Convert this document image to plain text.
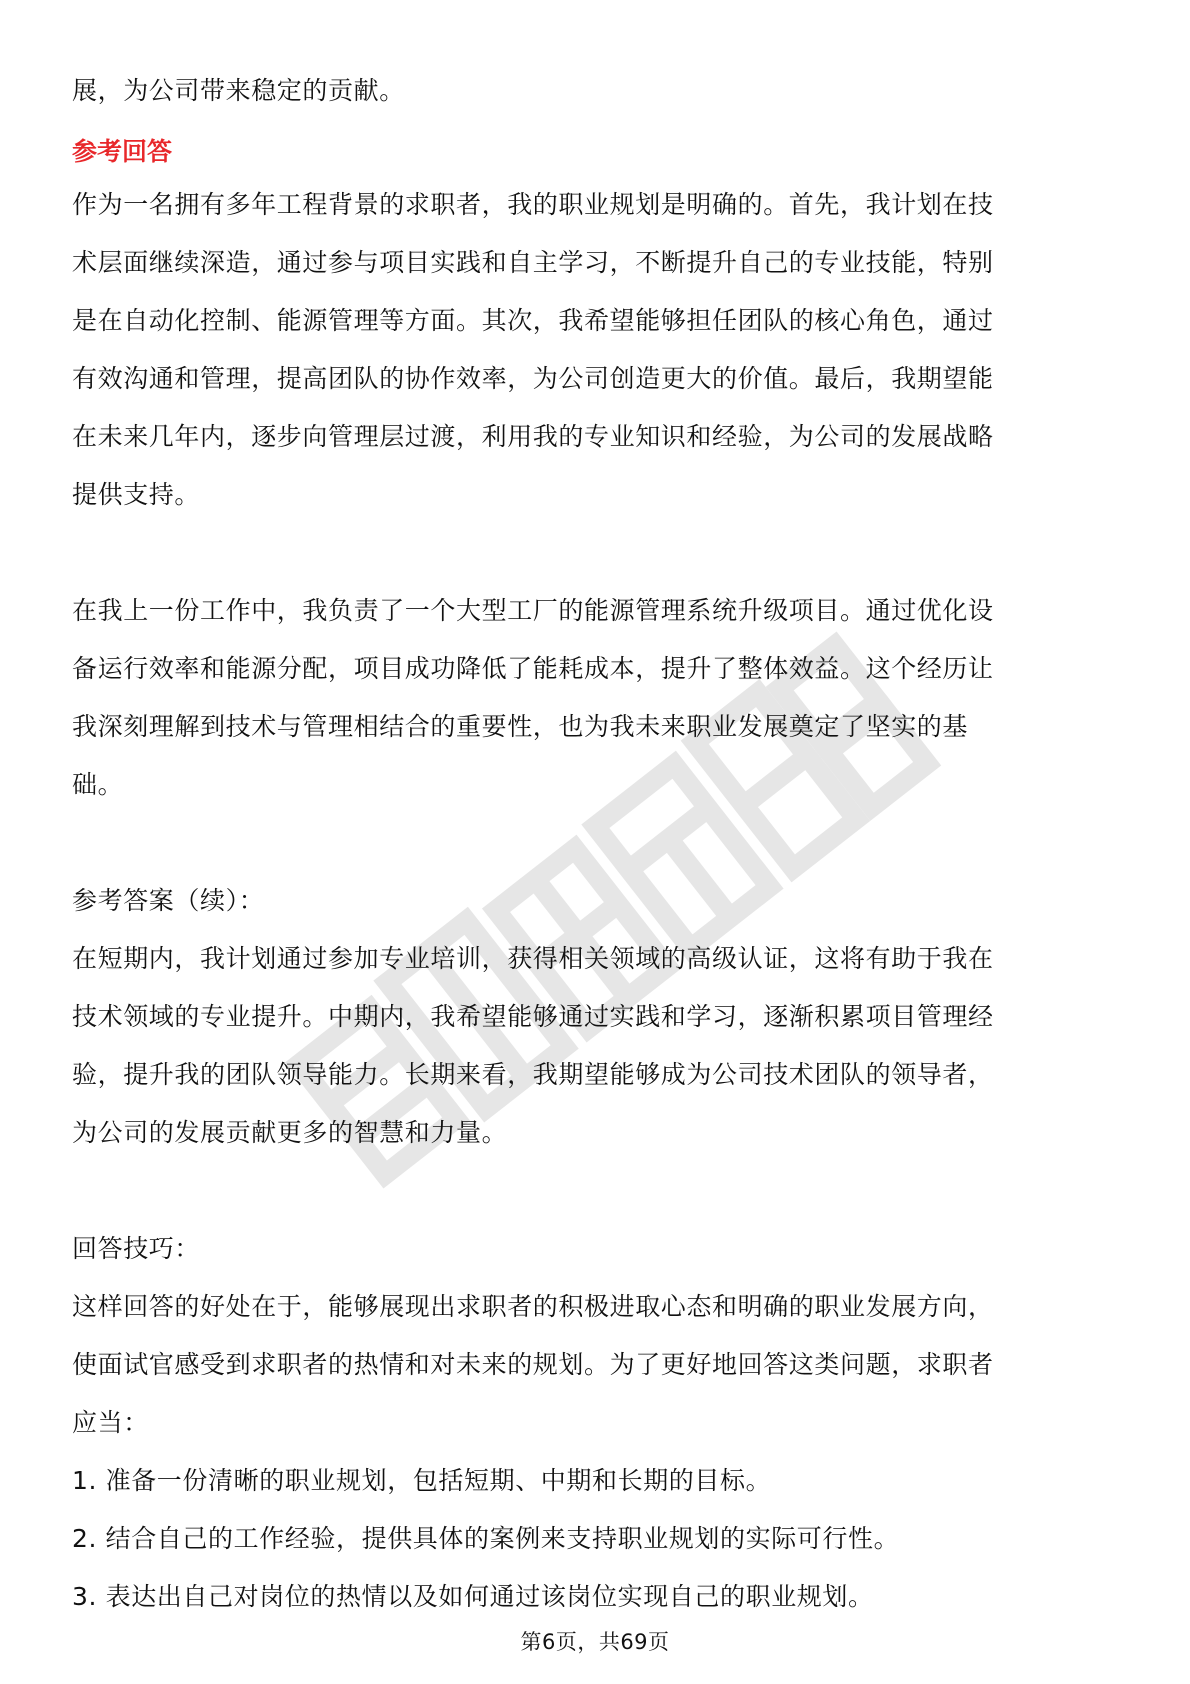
展，为公司带来稳定的贡献。
参考回答
作为一名拥有多年工程背景的求职者，我的职业规划是明确的。首先，我计划在技
术层面继续深造，通过参与项目实践和自主学习，不断提升自己的专业技能，特别
是在自动化控制、能源管理等方面。其次，我希望能够担任团队的核心角色，通过
有效沟通和管理，提高团队的协作效率，为公司创造更大的价值。最后，我期望能
在未来几年内，逐步向管理层过渡，利用我的专业知识和经验，为公司的发展战略
提供支持。
在我上一份工作中，我负责了一个大型工厂的能源管理系统升级项目。通过优化设
备运行效率和能源分配，项目成功降低了能耗成本，提升了整体效益。这个经历让
我深刻理解到技术与管理相结合的重要性，也为我未来职业发展奠定了坚实的基
础。
参考答案（续）：
在短期内，我计划通过参加专业培训，获得相关领域的高级认证，这将有助于我在
技术领域的专业提升。中期内，我希望能够通过实践和学习，逐渐积累项目管理经
验，提升我的团队领导能力。长期来看，我期望能够成为公司技术团队的领导者，
为公司的发展贡献更多的智慧和力量。
回答技巧：
这样回答的好处在于，能够展现出求职者的积极进取心态和明确的职业发展方向，
使面试官感受到求职者的热情和对未来的规划。为了更好地回答这类问题，求职者
应当：
1. 准备一份清晰的职业规划，包括短期、中期和长期的目标。
2. 结合自己的工作经验，提供具体的案例来支持职业规划的实际可行性。
3. 表达出自己对岗位的热情以及如何通过该岗位实现自己的职业规划。
第6页，共69页
